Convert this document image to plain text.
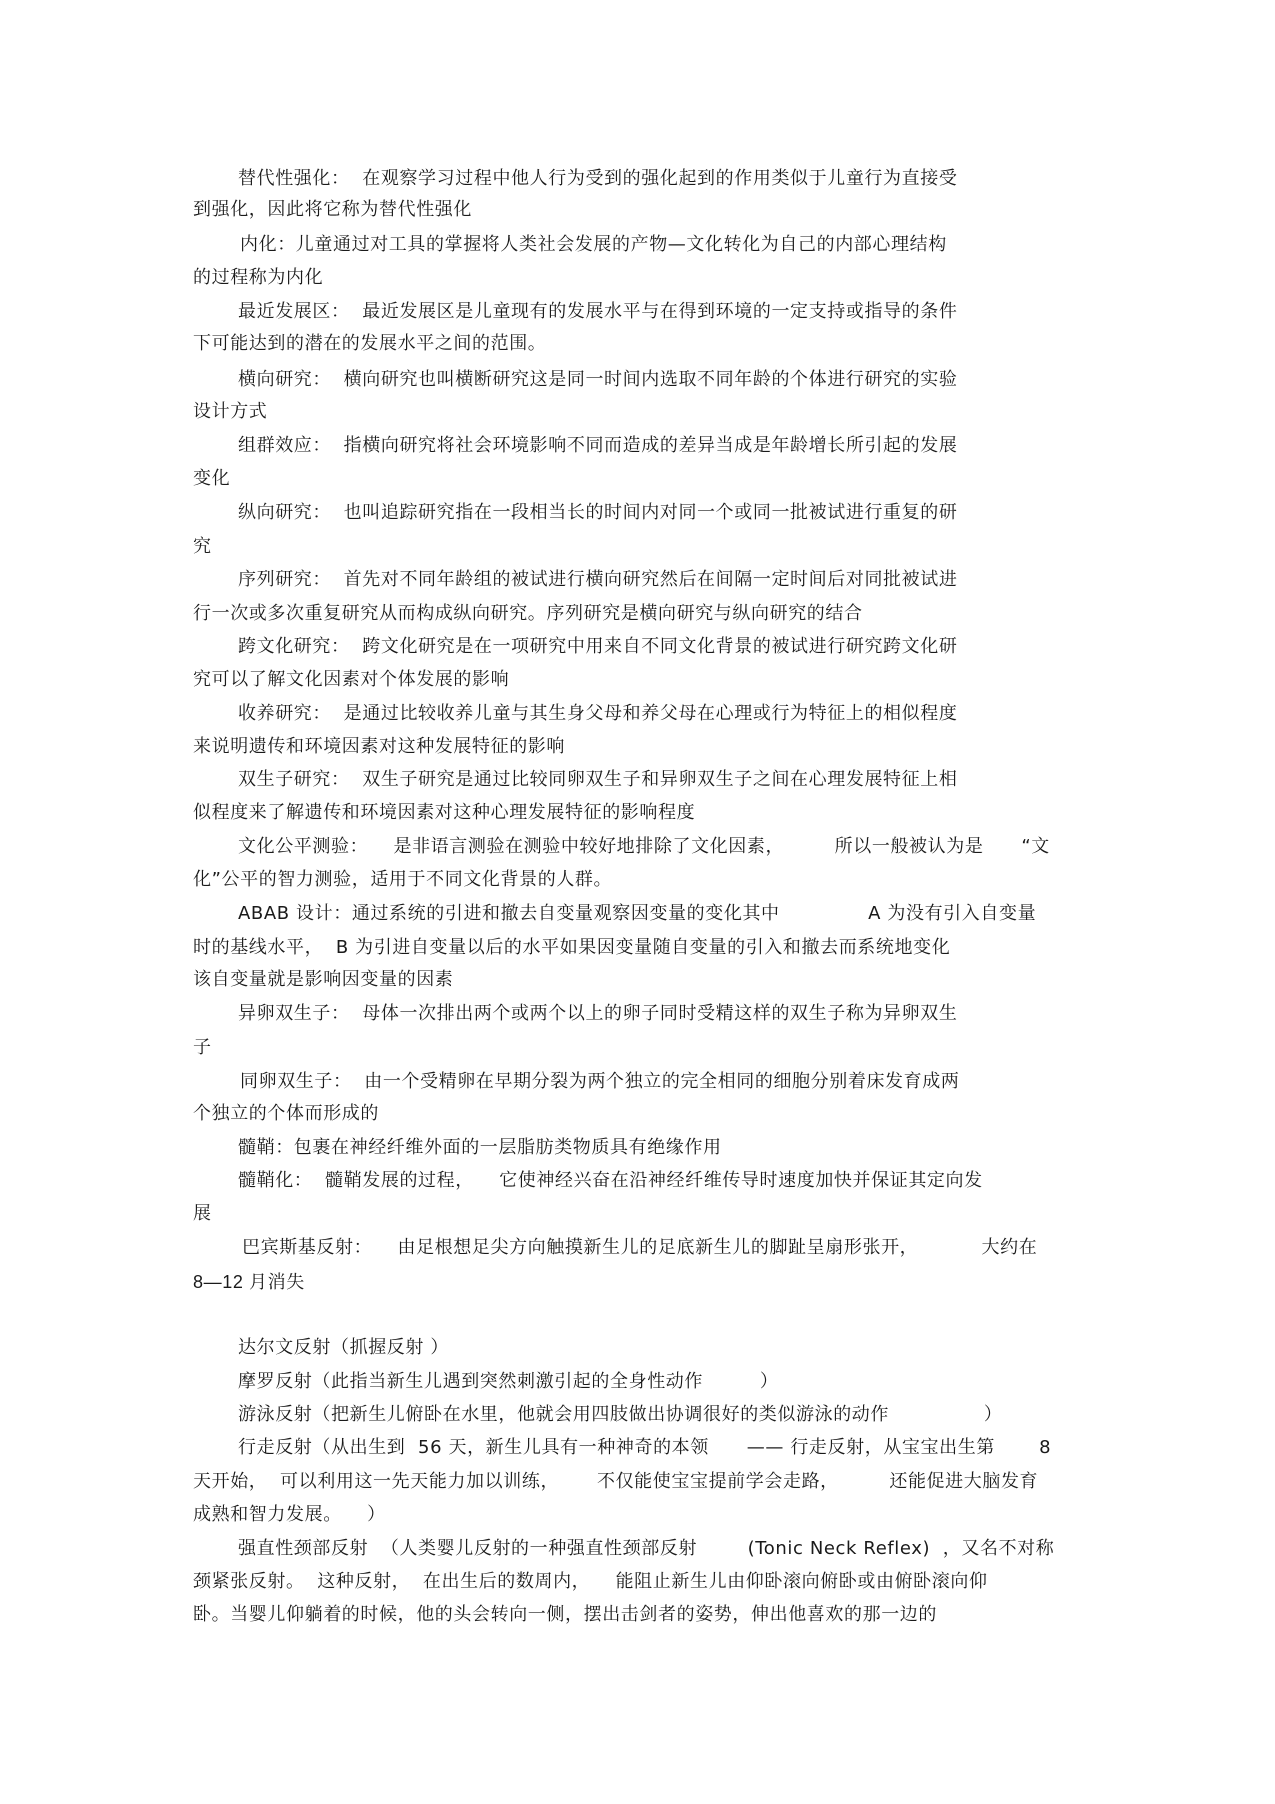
替代性强化：  在观察学习过程中他人行为受到的强化起到的作用类似于儿童行为直接受
到强化，因此将它称为替代性强化
内化：儿童通过对工具的掌握将人类社会发展的产物—文化转化为自己的内部心理结构
的过程称为内化
最近发展区：  最近发展区是儿童现有的发展水平与在得到环境的一定支持或指导的条件
下可能达到的潜在的发展水平之间的范围。
横向研究：  横向研究也叫横断研究这是同一时间内选取不同年龄的个体进行研究的实验
设计方式
组群效应：  指横向研究将社会环境影响不同而造成的差异当成是年龄增长所引起的发展
变化
纵向研究：  也叫追踪研究指在一段相当长的时间内对同一个或同一批被试进行重复的研
究
序列研究：  首先对不同年龄组的被试进行横向研究然后在间隔一定时间后对同批被试进
行一次或多次重复研究从而构成纵向研究。序列研究是横向研究与纵向研究的结合
跨文化研究：  跨文化研究是在一项研究中用来自不同文化背景的被试进行研究跨文化研
究可以了解文化因素对个体发展的影响
收养研究：  是通过比较收养儿童与其生身父母和养父母在心理或行为特征上的相似程度
来说明遗传和环境因素对这种发展特征的影响
双生子研究：  双生子研究是通过比较同卵双生子和异卵双生子之间在心理发展特征上相
似程度来了解遗传和环境因素对这种心理发展特征的影响程度
文化公平测验：    是非语言测验在测验中较好地排除了文化因素，        所以一般被认为是      “文
化”公平的智力测验，适用于不同文化背景的人群。
ABAB 设计：通过系统的引进和撤去自变量观察因变量的变化其中              A 为没有引入自变量
时的基线水平，  B 为引进自变量以后的水平如果因变量随自变量的引入和撤去而系统地变化
该自变量就是影响因变量的因素
异卵双生子：  母体一次排出两个或两个以上的卵子同时受精这样的双生子称为异卵双生
子
同卵双生子：  由一个受精卵在早期分裂为两个独立的完全相同的细胞分别着床发育成两
个独立的个体而形成的
髓鞘：包裹在神经纤维外面的一层脂肪类物质具有绝缘作用
髓鞘化：  髓鞘发展的过程，    它使神经兴奋在沿神经纤维传导时速度加快并保证其定向发
展
巴宾斯基反射：    由足根想足尖方向触摸新生儿的足底新生儿的脚趾呈扇形张开，          大约在
8—12 月消失
达尔文反射（抓握反射 ）
摩罗反射（此指当新生儿遇到突然刺激引起的全身性动作         ）
游泳反射（把新生儿俯卧在水里，他就会用四肢做出协调很好的类似游泳的动作               ）
行走反射（从出生到  56 天，新生儿具有一种神奇的本领      —— 行走反射，从宝宝出生第       8
天开始，  可以利用这一先天能力加以训练，      不仅能使宝宝提前学会走路，        还能促进大脑发育
成熟和智力发展。    ）
强直性颈部反射  （人类婴儿反射的一种强直性颈部反射        (Tonic Neck Reflex)  ，又名不对称
颈紧张反射。  这种反射，  在出生后的数周内，    能阻止新生儿由仰卧滚向俯卧或由俯卧滚向仰
卧。当婴儿仰躺着的时候，他的头会转向一侧，摆出击剑者的姿势，伸出他喜欢的那一边的
